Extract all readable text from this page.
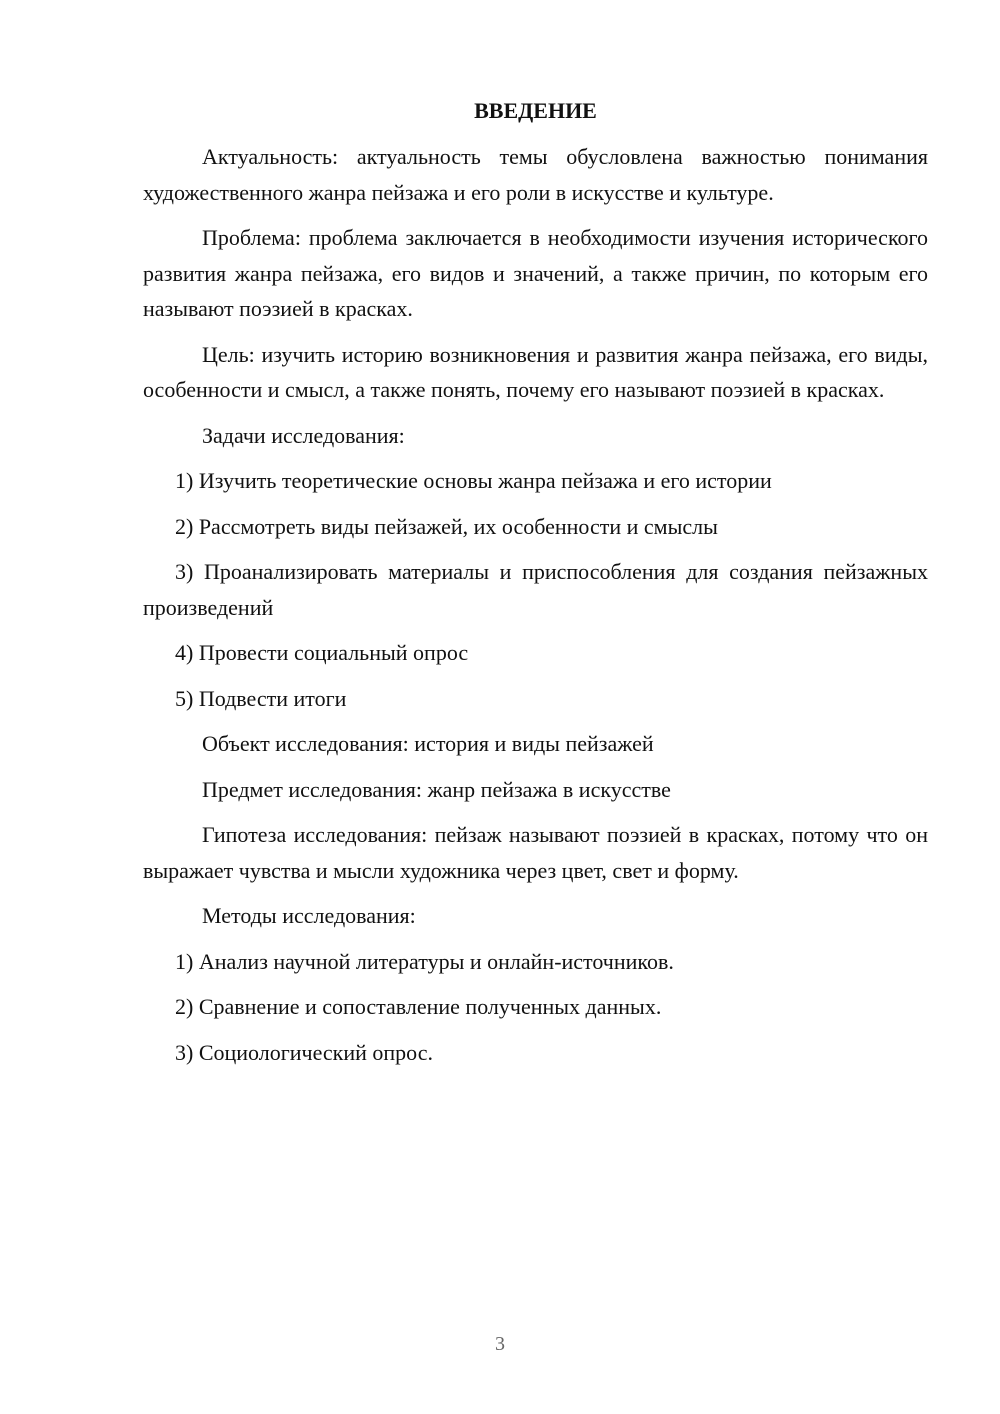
ВВЕДЕНИЕ

Актуальность: актуальность темы обусловлена важностью понимания художественного жанра пейзажа и его роли в искусстве и культуре.

Проблема: проблема заключается в необходимости изучения исторического развития жанра пейзажа, его видов и значений, а также причин, по которым его называют поэзией в красках.

Цель: изучить историю возникновения и развития жанра пейзажа, его виды, особенности и смысл, а также понять, почему его называют поэзией в красках.

Задачи исследования:

1) Изучить теоретические основы жанра пейзажа и его истории

2) Рассмотреть виды пейзажей, их особенности и смыслы

3) Проанализировать материалы и приспособления для создания пейзажных произведений

4) Провести социальный опрос

5) Подвести итоги

Объект исследования: история и виды пейзажей

Предмет исследования: жанр пейзажа в искусстве

Гипотеза исследования: пейзаж называют поэзией в красках, потому что он выражает чувства и мысли художника через цвет, свет и форму.

Методы исследования:

1) Анализ научной литературы и онлайн-источников.

2) Сравнение и сопоставление полученных данных.

3) Социологический опрос.

3
